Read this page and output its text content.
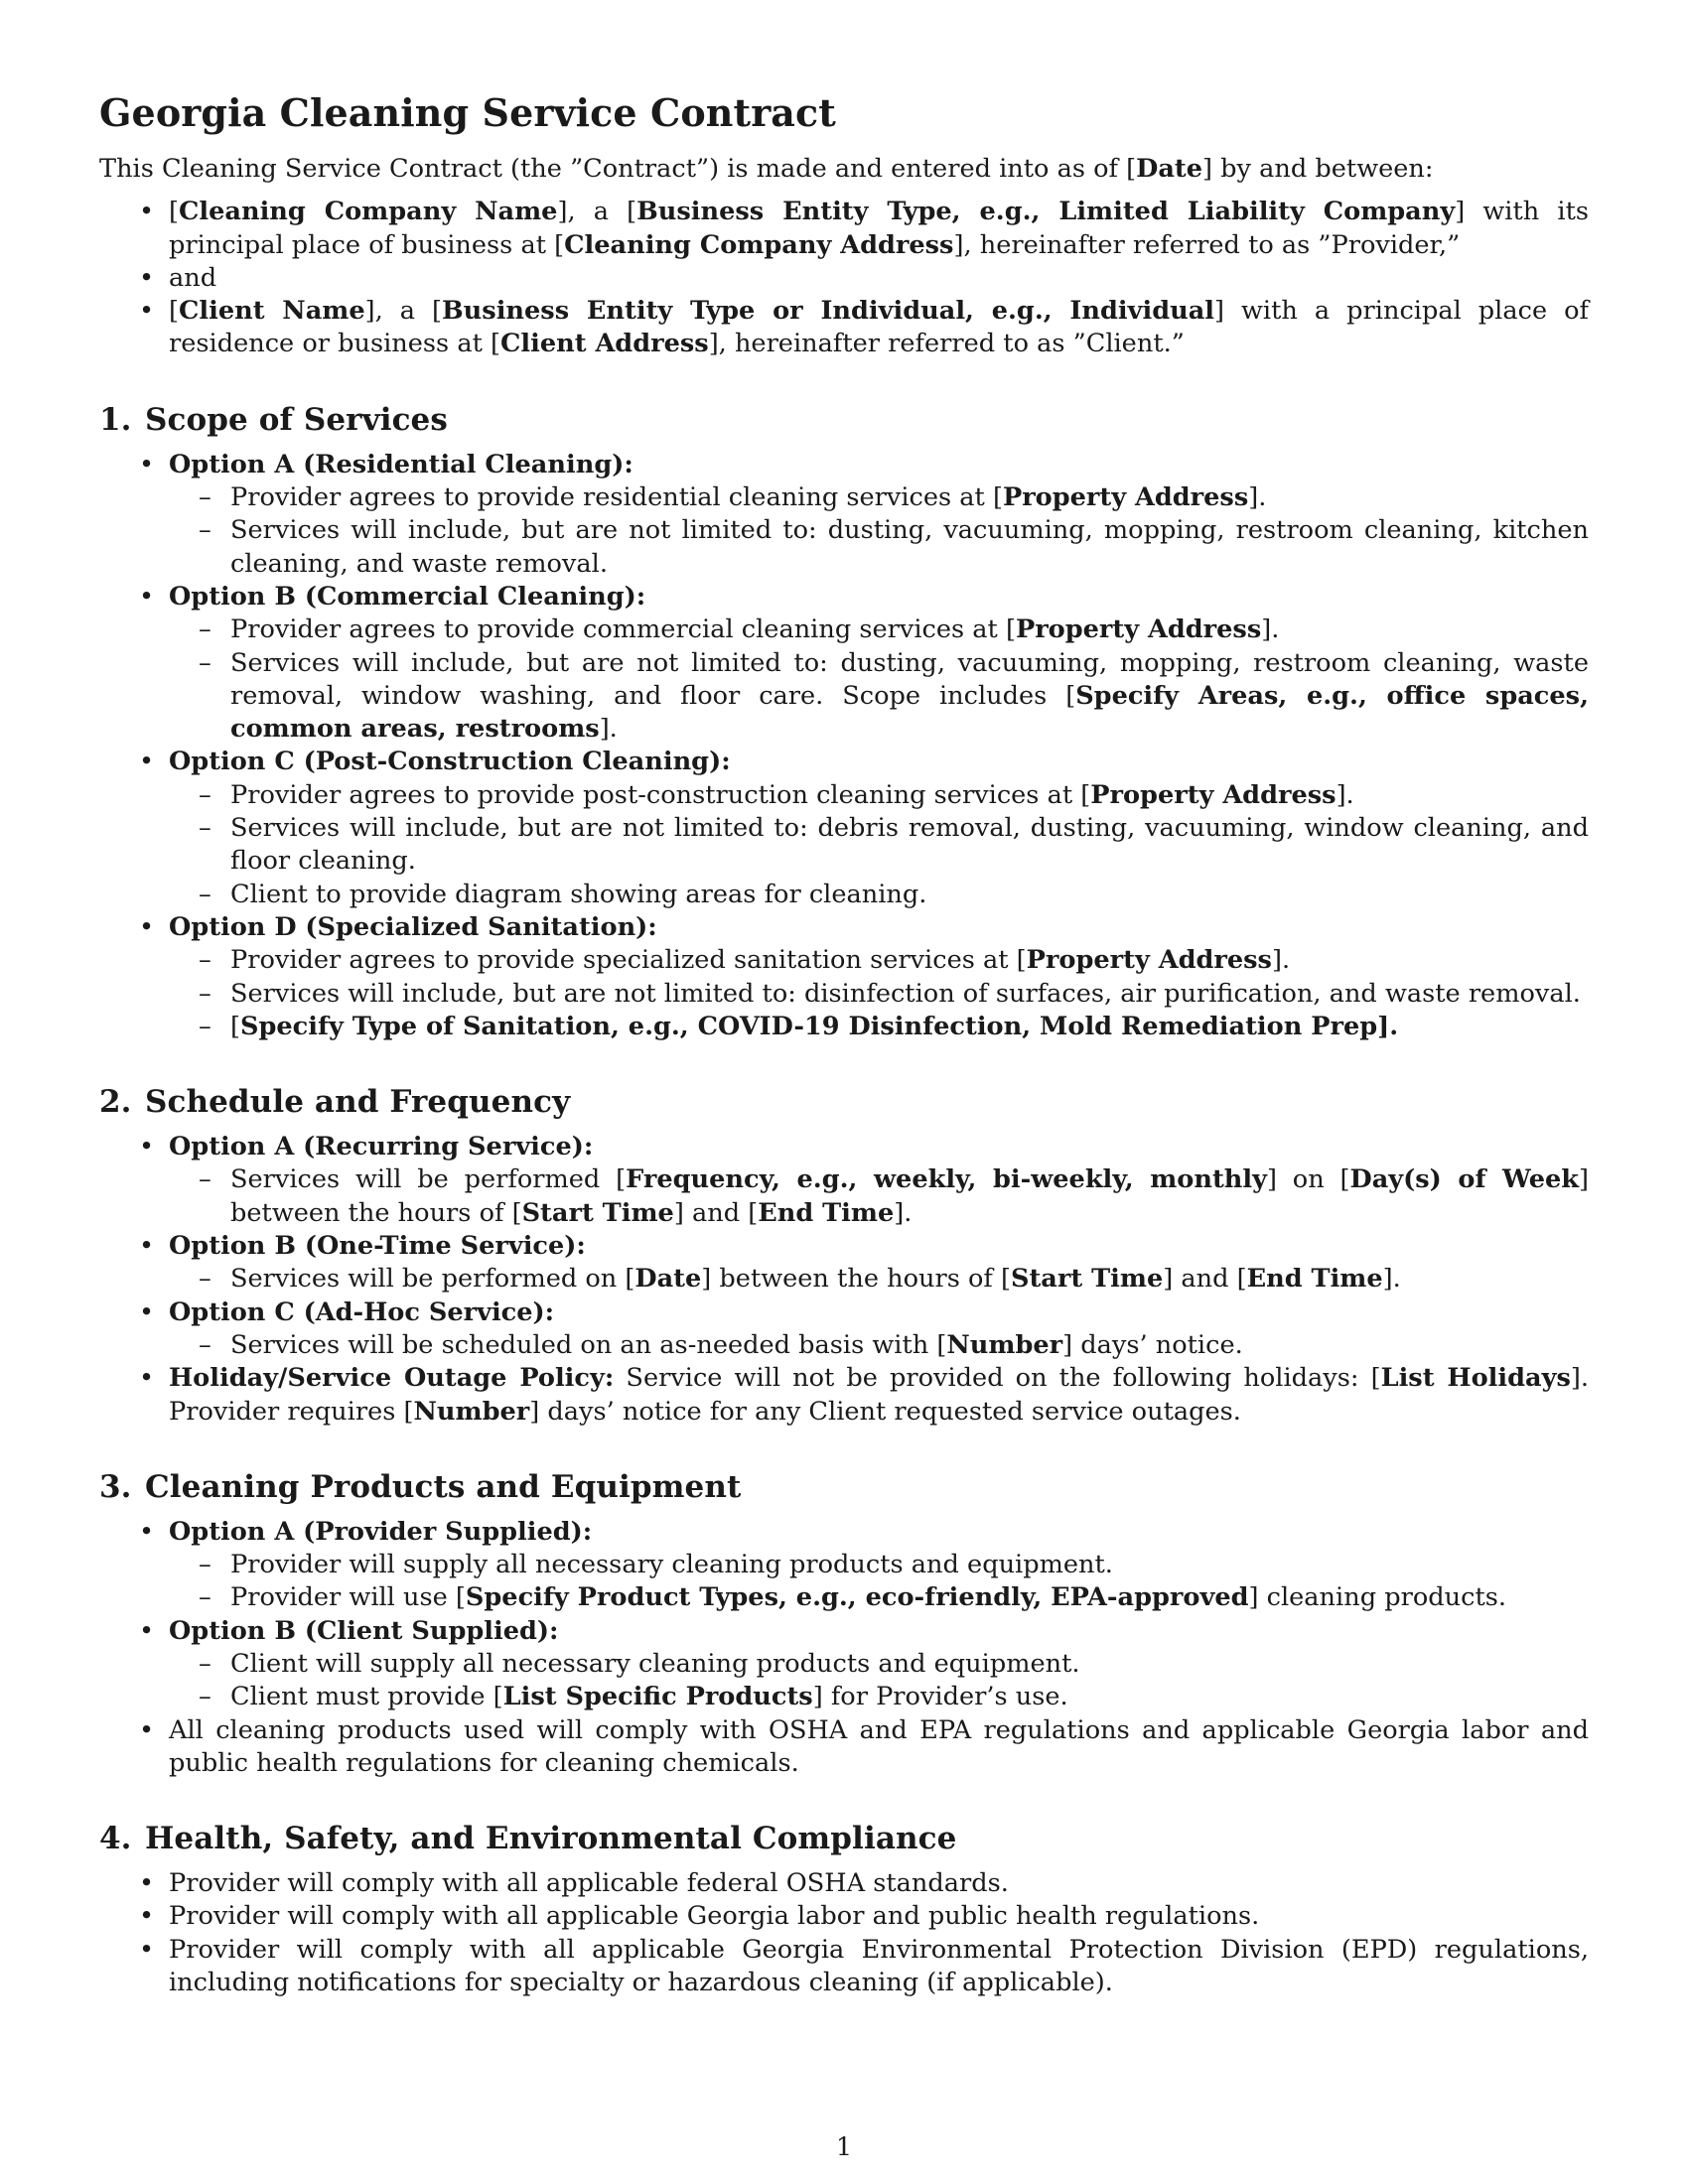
Georgia Cleaning Service Contract

This Cleaning Service Contract (the ”Contract”) is made and entered into as of [Date] by and between:

• [Cleaning Company Name], a [Business Entity Type, e.g., Limited Liability Company] with its principal place of business at [Cleaning Company Address], hereinafter referred to as ”Provider,”
• and
• [Client Name], a [Business Entity Type or Individual, e.g., Individual] with a principal place of residence or business at [Client Address], hereinafter referred to as ”Client.”
1. Scope of Services
• Option A (Residential Cleaning):
– Provider agrees to provide residential cleaning services at [Property Address].
– Services will include, but are not limited to: dusting, vacuuming, mopping, restroom cleaning, kitchen cleaning, and waste removal.
• Option B (Commercial Cleaning):
– Provider agrees to provide commercial cleaning services at [Property Address].
– Services will include, but are not limited to: dusting, vacuuming, mopping, restroom cleaning, waste removal, window washing, and floor care. Scope includes [Specify Areas, e.g., office spaces, common areas, restrooms].
• Option C (Post-Construction Cleaning):
– Provider agrees to provide post-construction cleaning services at [Property Address].
– Services will include, but are not limited to: debris removal, dusting, vacuuming, window cleaning, and floor cleaning.
– Client to provide diagram showing areas for cleaning.
• Option D (Specialized Sanitation):
– Provider agrees to provide specialized sanitation services at [Property Address].
– Services will include, but are not limited to: disinfection of surfaces, air purification, and waste removal.
– [Specify Type of Sanitation, e.g., COVID-19 Disinfection, Mold Remediation Prep].
2. Schedule and Frequency
• Option A (Recurring Service):
– Services will be performed [Frequency, e.g., weekly, bi-weekly, monthly] on [Day(s) of Week] between the hours of [Start Time] and [End Time].
• Option B (One-Time Service):
– Services will be performed on [Date] between the hours of [Start Time] and [End Time].
• Option C (Ad-Hoc Service):
– Services will be scheduled on an as-needed basis with [Number] days’ notice.
• Holiday/Service Outage Policy: Service will not be provided on the following holidays: [List Holidays]. Provider requires [Number] days’ notice for any Client requested service outages.
3. Cleaning Products and Equipment
• Option A (Provider Supplied):
– Provider will supply all necessary cleaning products and equipment.
– Provider will use [Specify Product Types, e.g., eco-friendly, EPA-approved] cleaning products.
• Option B (Client Supplied):
– Client will supply all necessary cleaning products and equipment.
– Client must provide [List Specific Products] for Provider’s use.
• All cleaning products used will comply with OSHA and EPA regulations and applicable Georgia labor and public health regulations for cleaning chemicals.
4. Health, Safety, and Environmental Compliance
• Provider will comply with all applicable federal OSHA standards.
• Provider will comply with all applicable Georgia labor and public health regulations.
• Provider will comply with all applicable Georgia Environmental Protection Division (EPD) regulations, including notifications for specialty or hazardous cleaning (if applicable).
1
